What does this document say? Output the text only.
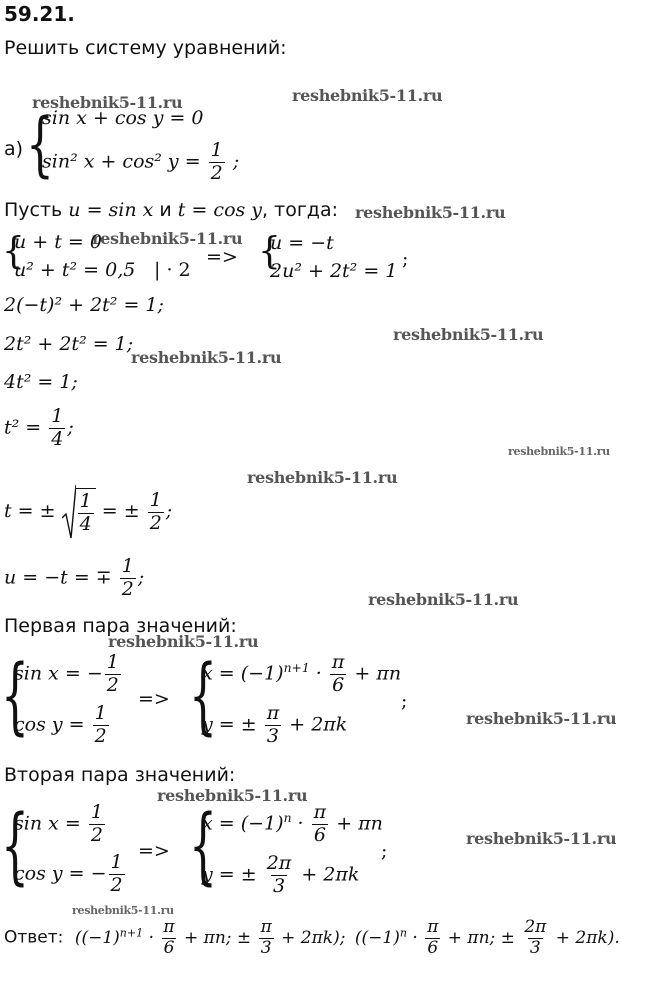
59.21.
Решить систему уравнений:
reshebnik5-11.ru	reshebnik5-11.ru
reshebnik5-11.ru
reshebnik5-11.ru
reshebnik5-11.ru
reshebnik5-11.ru
reshebnik5-11.ru
reshebnik5-11.ru
reshebnik5-11.ru
reshebnik5-11.ru
reshebnik5-11.ru
reshebnik5-11.ru
reshebnik5-11.ru
reshebnik5-11.ru
а) {
sin x + cos y = 0
sin² x + cos² $y = \frac{1}{2}$ ;
Пусть u = sin x и t = cos y, тогда:
{
u + t = 0
u² + t² = 0,5 | · 2
=> {
u = −t
2u² + 2t² = 1
;
2(−t)² + 2t² = 1;
2t² + 2t² = 1;
4t² = 1;
$t^2 = \frac{1}{4}$ ;
t = ± $\frac{1}{4}$ = ± $\frac{1}{2}$ ;
u = −t = ∓ $\frac{1}{2}$ ;
Первая пара значений:
{
sin x = − $\frac{1}{2}$
$\cos y = \frac{1}{2}$
=> {
$x = (-1)^{n+1} \cdot \frac{\pi}{6} + \pi n$
y = ± $\frac{\pi}{3} + 2\pi k$
;
Вторая пара значений:
{
$\sin x = \frac{1}{2}$
cos y = − $\frac{1}{2}$
=> {
$x = (-1)^n \cdot \frac{\pi}{6} + \pi n$
y = ± $\frac{2\pi}{3} + 2\pi k$
;
Ответ: ($(-1)^{n+1} \cdot \frac{\pi}{6} + \pi n$; ± $\frac{\pi}{3} + 2\pi k$); ($(-1)^n \cdot \frac{\pi}{6} + \pi n$; ± $\frac{2\pi}{3} + 2\pi k$).
